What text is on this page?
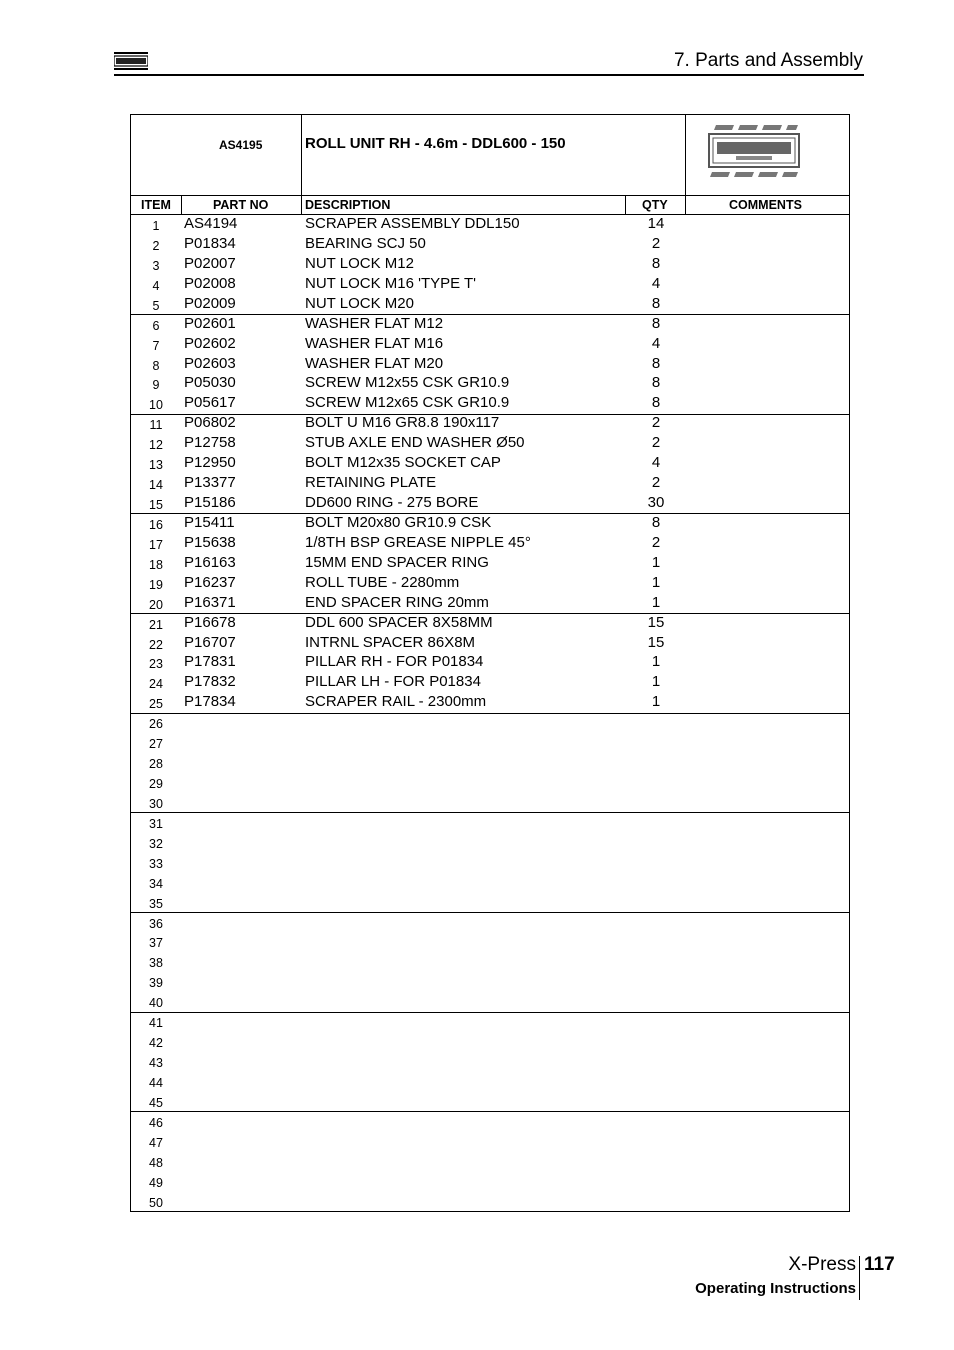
7. Parts and Assembly
AS4195	ROLL UNIT RH - 4.6m - DDL600 - 150
ITEM	PART NO	DESCRIPTION	QTY	COMMENTS
1	AS4194	SCRAPER ASSEMBLY DDL150	14
2	P01834	BEARING SCJ 50	2
3	P02007	NUT LOCK M12	8
4	P02008	NUT LOCK M16 'TYPE T'	4
5	P02009	NUT LOCK M20	8
6	P02601	WASHER FLAT M12	8
7	P02602	WASHER FLAT M16	4
8	P02603	WASHER FLAT M20	8
9	P05030	SCREW M12x55 CSK GR10.9	8
10	P05617	SCREW M12x65 CSK GR10.9	8
11	P06802	BOLT U M16 GR8.8 190x117	2
12	P12758	STUB AXLE END WASHER Ø50	2
13	P12950	BOLT M12x35 SOCKET CAP	4
14	P13377	RETAINING PLATE	2
15	P15186	DD600 RING - 275 BORE	30
16	P15411	BOLT M20x80 GR10.9 CSK	8
17	P15638	1/8TH BSP GREASE NIPPLE 45°	2
18	P16163	15MM END SPACER RING	1
19	P16237	ROLL TUBE - 2280mm	1
20	P16371	END SPACER RING 20mm	1
21	P16678	DDL 600 SPACER 8X58MM	15
22	P16707	INTRNL SPACER 86X8M	15
23	P17831	PILLAR RH - FOR P01834	1
24	P17832	PILLAR LH - FOR P01834	1
25	P17834	SCRAPER RAIL - 2300mm	1
26
27
28
29
30
31
32
33
34
35
36
37
38
39
40
41
42
43
44
45
46
47
48
49
50
X-Press 117
Operating Instructions
